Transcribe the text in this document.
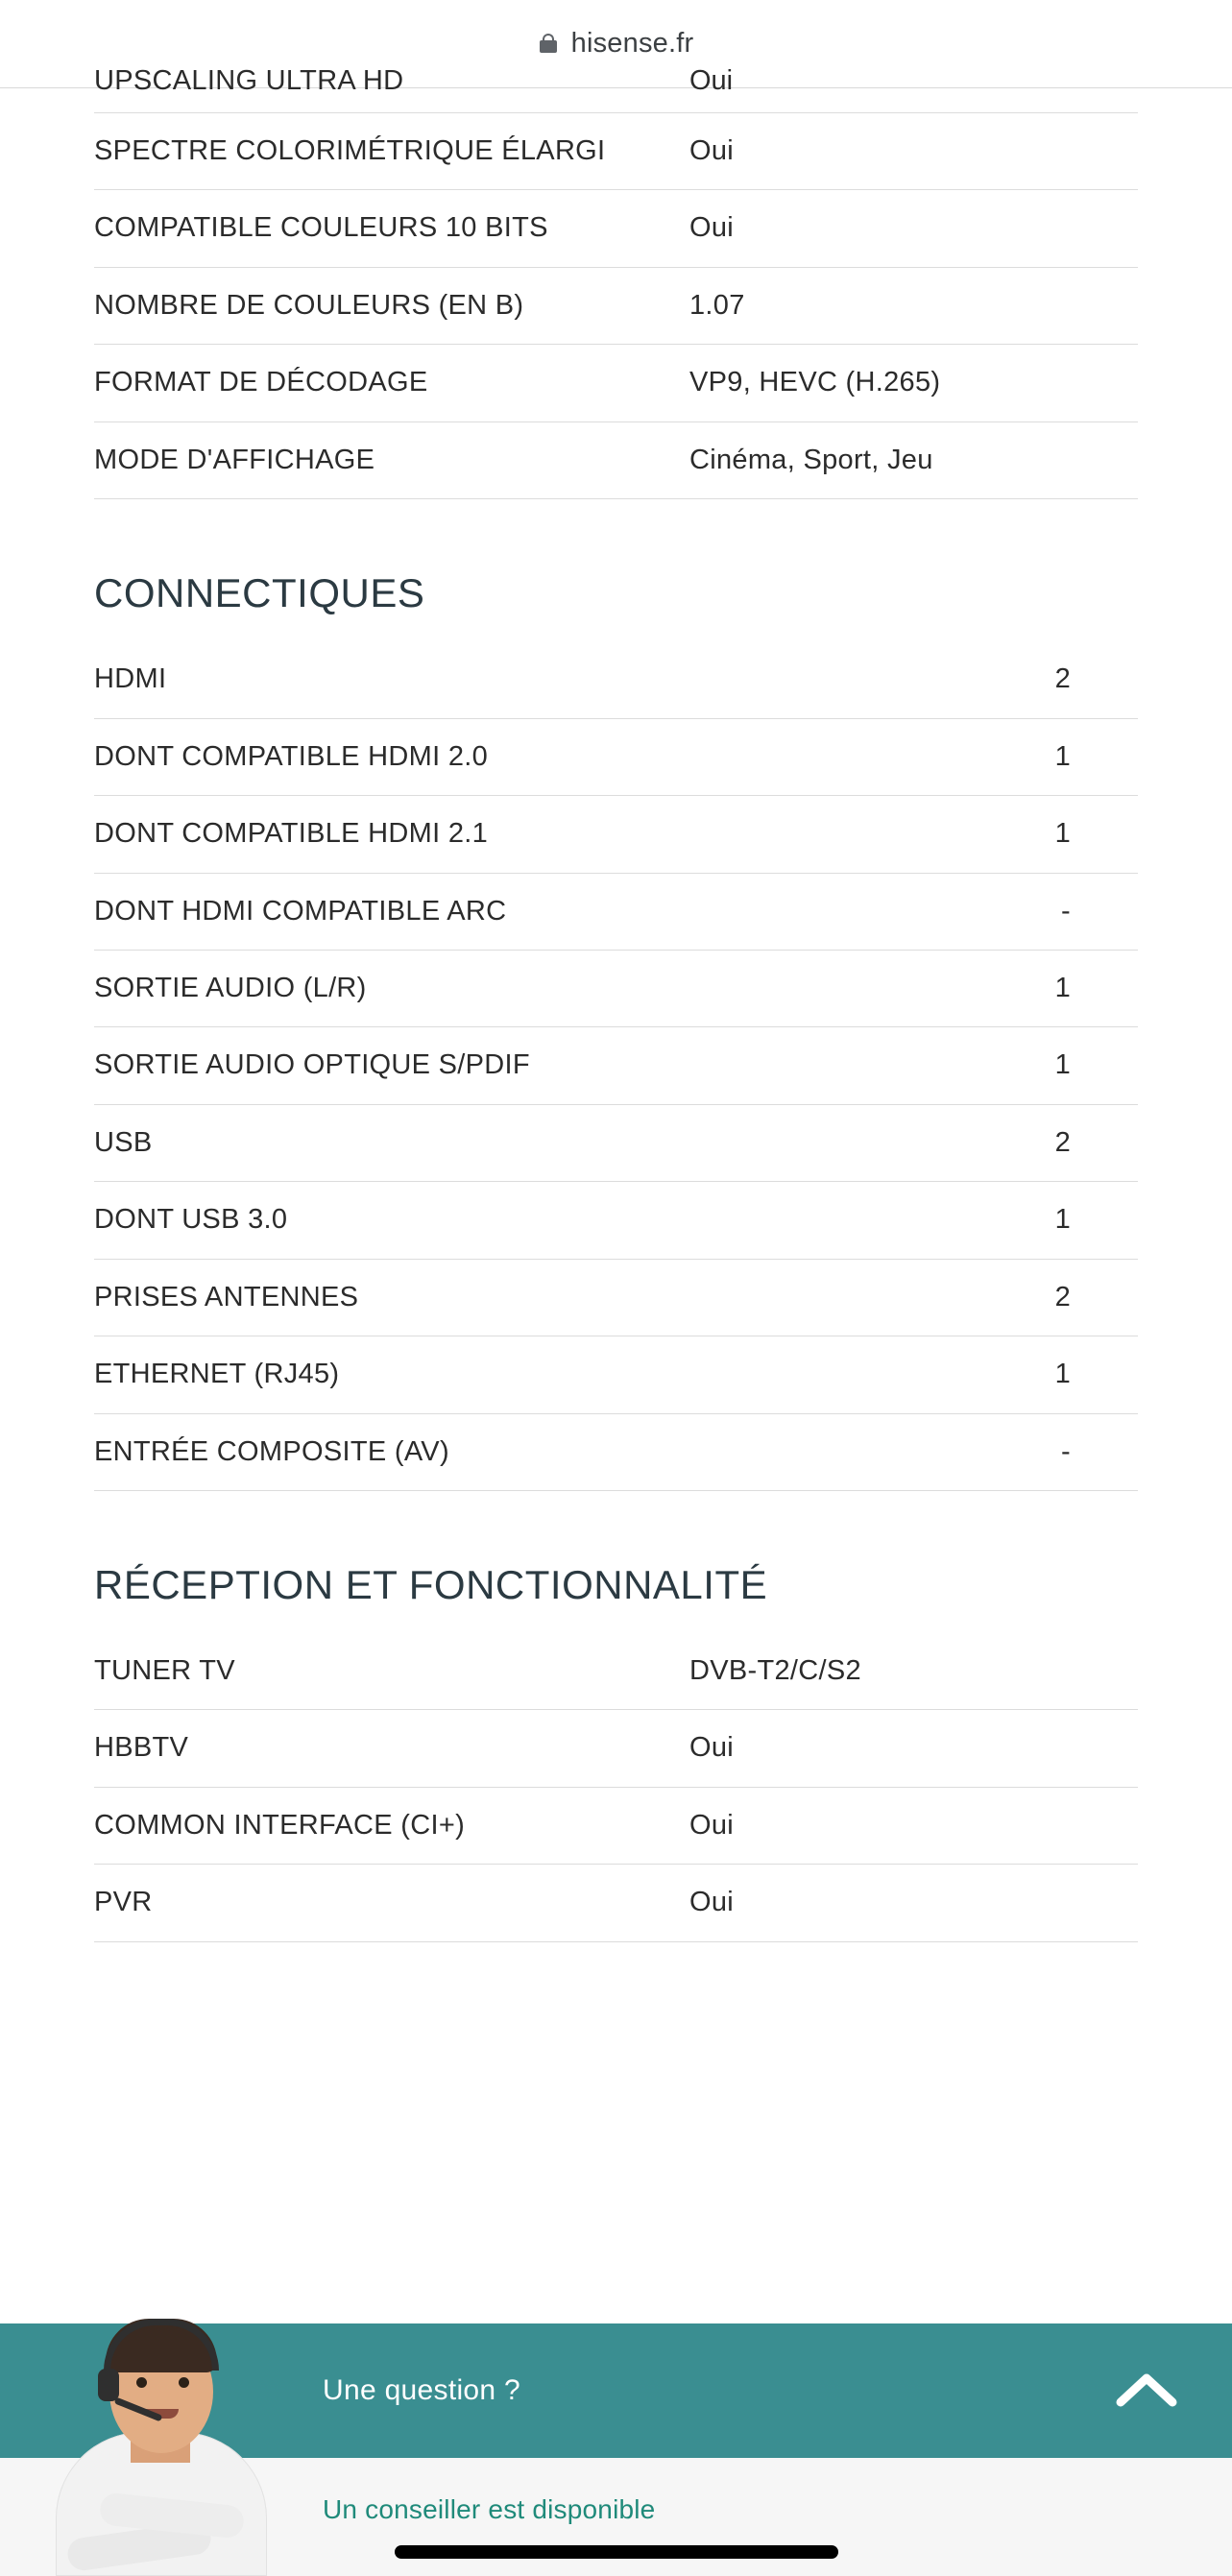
hisense.fr
UPSCALING ULTRA HD	Oui
SPECTRE COLORIMÉTRIQUE ÉLARGI	Oui
COMPATIBLE COULEURS 10 BITS	Oui
NOMBRE DE COULEURS (EN B)	1.07
FORMAT DE DÉCODAGE	VP9, HEVC (H.265)
MODE D'AFFICHAGE	Cinéma, Sport, Jeu
CONNECTIQUES
HDMI	2
DONT COMPATIBLE HDMI 2.0	1
DONT COMPATIBLE HDMI 2.1	1
DONT HDMI COMPATIBLE ARC	-
SORTIE AUDIO (L/R)	1
SORTIE AUDIO OPTIQUE S/PDIF	1
USB	2
DONT USB 3.0	1
PRISES ANTENNES	2
ETHERNET (RJ45)	1
ENTRÉE COMPOSITE (AV)	-
RÉCEPTION ET FONCTIONNALITÉ
TUNER TV	DVB-T2/C/S2
HBBTV	Oui
COMMON INTERFACE (CI+)	Oui
PVR	Oui
Une question ?
Un conseiller est disponible
